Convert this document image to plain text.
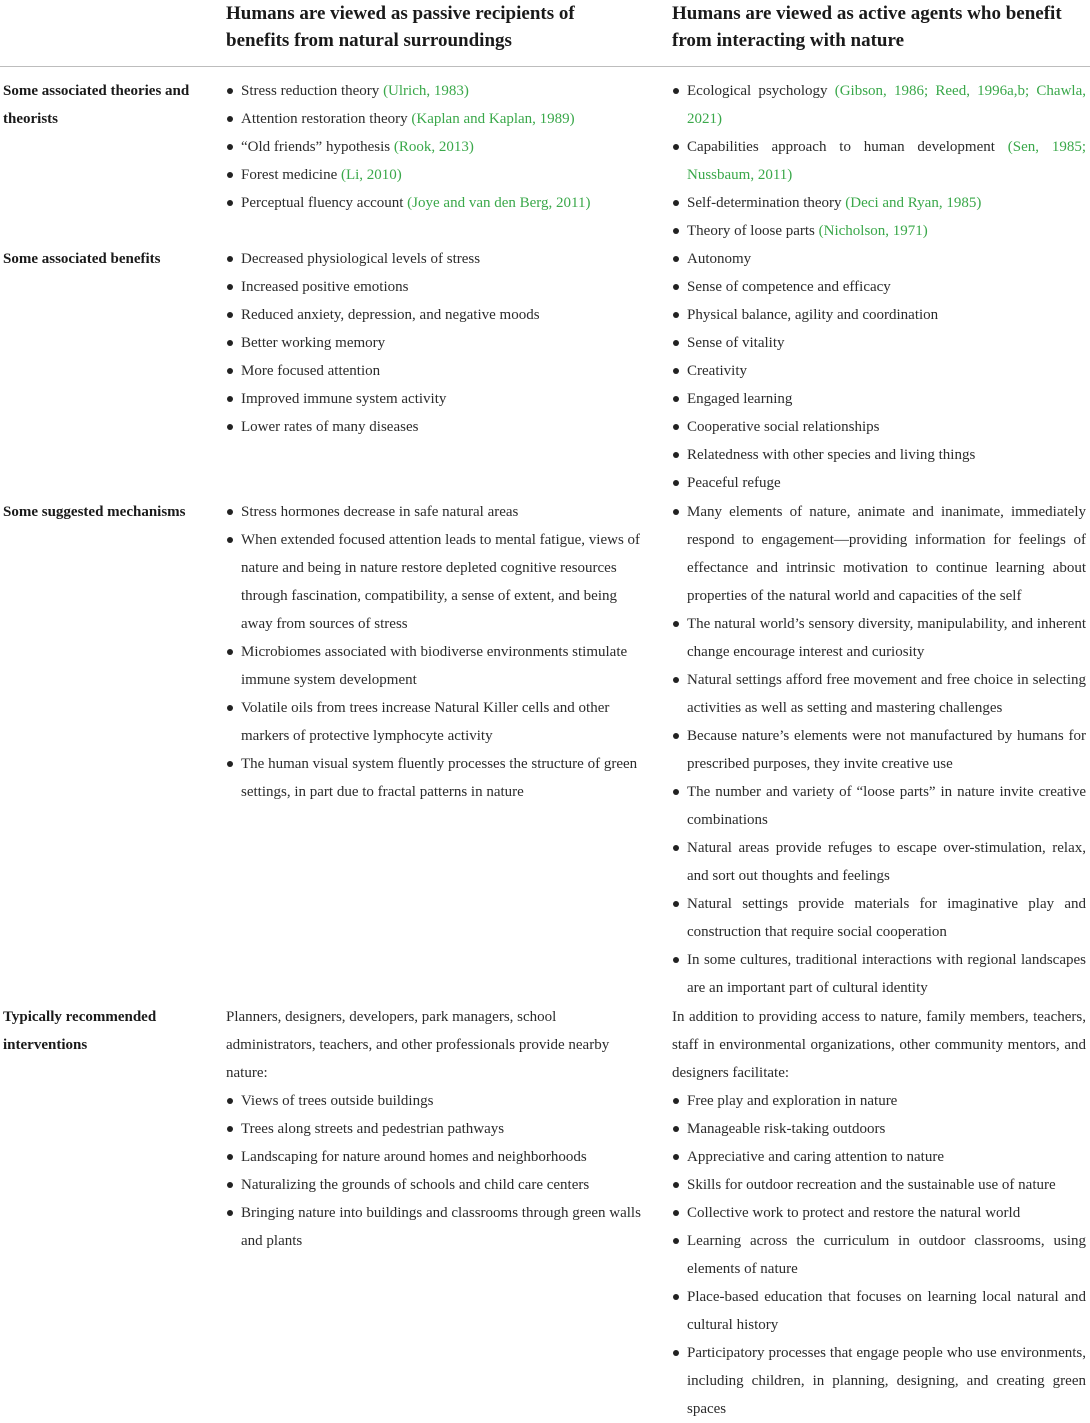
Humans are viewed as passive recipients of benefits from natural surroundings
Humans are viewed as active agents who benefit from interacting with nature
Some associated theories and theorists
Stress reduction theory (Ulrich, 1983)
Attention restoration theory (Kaplan and Kaplan, 1989)
“Old friends” hypothesis (Rook, 2013)
Forest medicine (Li, 2010)
Perceptual fluency account (Joye and van den Berg, 2011)
Ecological psychology (Gibson, 1986; Reed, 1996a,b; Chawla, 2021)
Capabilities approach to human development (Sen, 1985; Nussbaum, 2011)
Self-determination theory (Deci and Ryan, 1985)
Theory of loose parts (Nicholson, 1971)
Some associated benefits	Decreased physiological levels of stress
Increased positive emotions
Reduced anxiety, depression, and negative moods
Better working memory
More focused attention
Improved immune system activity
Lower rates of many diseases
Autonomy
Sense of competence and efficacy
Physical balance, agility and coordination
Sense of vitality
Creativity
Engaged learning
Cooperative social relationships
Relatedness with other species and living things
Peaceful refuge
Some suggested mechanisms	Stress hormones decrease in safe natural areas
When extended focused attention leads to mental fatigue, views of nature and being in nature restore depleted cognitive resources through fascination, compatibility, a sense of extent, and being away from sources of stress
Microbiomes associated with biodiverse environments stimulate immune system development
Volatile oils from trees increase Natural Killer cells and other markers of protective lymphocyte activity
The human visual system fluently processes the structure of green settings, in part due to fractal patterns in nature
Many elements of nature, animate and inanimate, immediately respond to engagement—providing information for feelings of effectance and intrinsic motivation to continue learning about properties of the natural world and capacities of the self
The natural world’s sensory diversity, manipulability, and inherent change encourage interest and curiosity
Natural settings afford free movement and free choice in selecting activities as well as setting and mastering challenges
Because nature’s elements were not manufactured by humans for prescribed purposes, they invite creative use
The number and variety of “loose parts” in nature invite creative combinations
Natural areas provide refuges to escape over-stimulation, relax, and sort out thoughts and feelings
Natural settings provide materials for imaginative play and construction that require social cooperation
In some cultures, traditional interactions with regional landscapes are an important part of cultural identity
Typically recommended interventions
Planners, designers, developers, park managers, school administrators, teachers, and other professionals provide nearby nature:
Views of trees outside buildings
Trees along streets and pedestrian pathways
Landscaping for nature around homes and neighborhoods
Naturalizing the grounds of schools and child care centers
Bringing nature into buildings and classrooms through green walls and plants
In addition to providing access to nature, family members, teachers, staff in environmental organizations, other community mentors, and designers facilitate:
Free play and exploration in nature
Manageable risk-taking outdoors
Appreciative and caring attention to nature
Skills for outdoor recreation and the sustainable use of nature
Collective work to protect and restore the natural world
Learning across the curriculum in outdoor classrooms, using elements of nature
Place-based education that focuses on learning local natural and cultural history
Participatory processes that engage people who use environments, including children, in planning, designing, and creating green spaces
